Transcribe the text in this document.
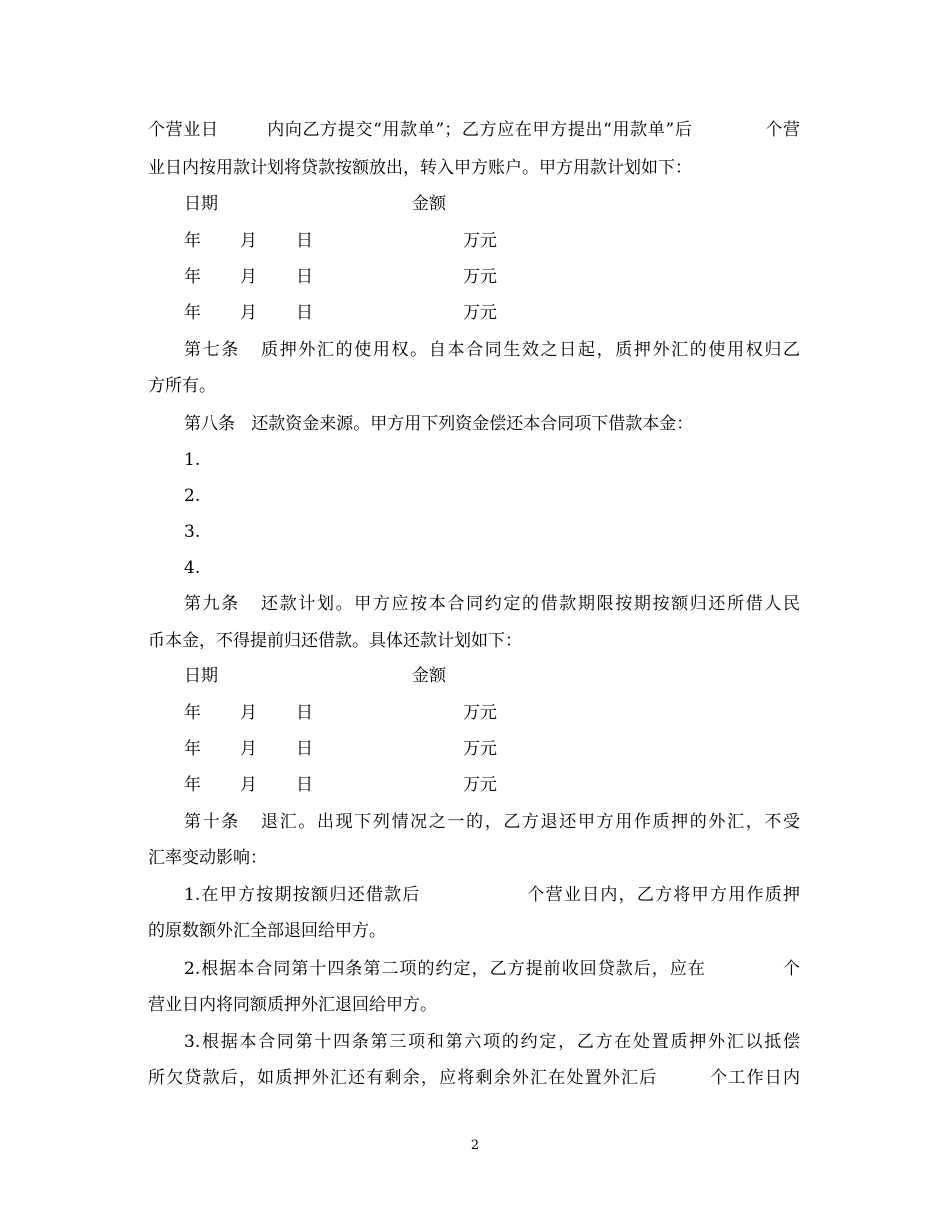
个营业日        内向乙方提交“用款单”；乙方应在甲方提出“用款单”后            个营
业日内按用款计划将贷款按额放出，转入甲方账户。甲方用款计划如下：
日期	金额
年 月 日	万元
年 月 日	万元
年 月 日	万元
第七条   质押外汇的使用权。自本合同生效之日起，质押外汇的使用权归乙
方所有。
第八条   还款资金来源。甲方用下列资金偿还本合同项下借款本金：
1.
2.
3.
4.
第九条   还款计划。甲方应按本合同约定的借款期限按期按额归还所借人民
币本金，不得提前归还借款。具体还款计划如下：
日期	金额
年 月 日	万元
年 月 日	万元
年 月 日	万元
第十条   退汇。出现下列情况之一的，乙方退还甲方用作质押的外汇，不受
汇率变动影响：
1.在甲方按期按额归还借款后                个营业日内，乙方将甲方用作质押
的原数额外汇全部退回给甲方。
2.根据本合同第十四条第二项的约定，乙方提前收回贷款后，应在            个
营业日内将同额质押外汇退回给甲方。
3.根据本合同第十四条第三项和第六项的约定，乙方在处置质押外汇以抵偿
所欠贷款后，如质押外汇还有剩余，应将剩余外汇在处置外汇后        个工作日内
2
